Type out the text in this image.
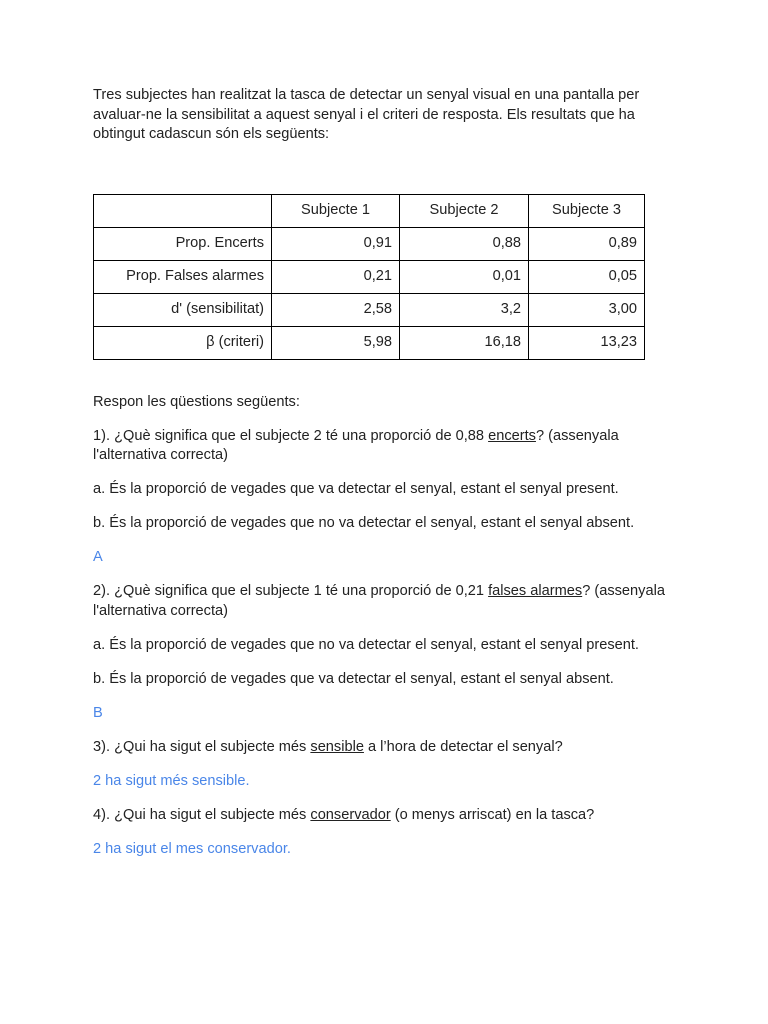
Tres subjectes han realitzat la tasca de detectar un senyal visual en una pantalla per avaluar-ne la sensibilitat a aquest senyal i el criteri de resposta. Els resultats que ha obtingut cadascun són els següents:

	Subjecte 1	Subjecte 2	Subjecte 3
Prop. Encerts	0,91	0,88	0,89
Prop. Falses alarmes	0,21	0,01	0,05
d' (sensibilitat)	2,58	3,2	3,00
β (criteri)	5,98	16,18	13,23

Respon les qüestions següents:

1). ¿Què significa que el subjecte 2 té una proporció de 0,88 encerts? (assenyala l'alternativa correcta)

a. És la proporció de vegades que va detectar el senyal, estant el senyal present.

b. És la proporció de vegades que no va detectar el senyal, estant el senyal absent.

A

2). ¿Què significa que el subjecte 1 té una proporció de 0,21 falses alarmes? (assenyala l'alternativa correcta)

a. És la proporció de vegades que no va detectar el senyal, estant el senyal present.

b. És la proporció de vegades que va detectar el senyal, estant el senyal absent.

B

3). ¿Qui ha sigut el subjecte més sensible a l’hora de detectar el senyal?

2 ha sigut més sensible.

4). ¿Qui ha sigut el subjecte més conservador (o menys arriscat) en la tasca?

2 ha sigut el mes conservador.
